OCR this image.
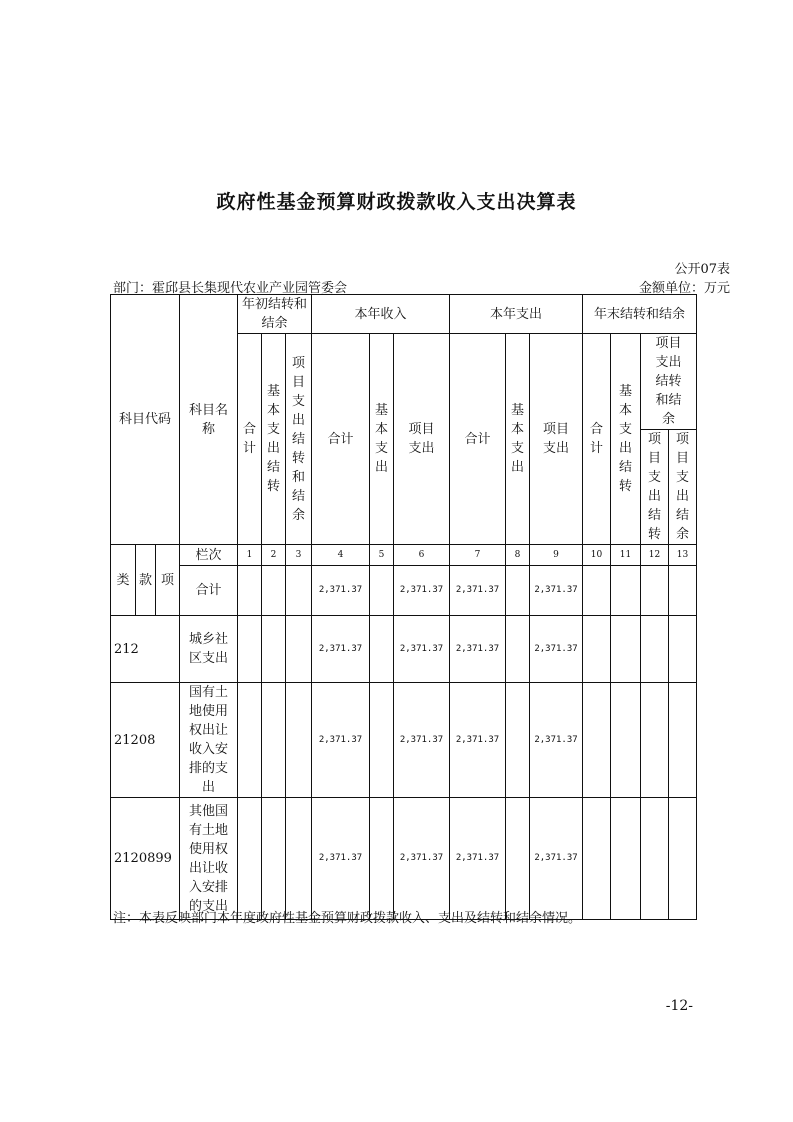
政府性基金预算财政拨款收入支出决算表
公开07表
部门：霍邱县长集现代农业产业园管委会	金额单位：万元
科目代码			科目名称	年初结转和结余			本年收入			本年支出			年末结转和结余			
				合计	基本支出结转	项目支出结转和结余	合计	基本支出	项目支出	合计	基本支出	项目支出	合计	基本支出结转	项目支出结转和结余	
															项目支出结转	项目支出结余
类	款	项	栏次	1	2	3	4	5	6	7	8	9	10	11	12	13
			合计				2,371.37		2,371.37	2,371.37		2,371.37				
212			城乡社区支出				2,371.37		2,371.37	2,371.37		2,371.37				
21208			国有土地使用权出让收入安排的支出				2,371.37		2,371.37	2,371.37		2,371.37				
2120899			其他国有土地使用权出让收入安排的支出				2,371.37		2,371.37	2,371.37		2,371.37				
注：本表反映部门本年度政府性基金预算财政拨款收入、支出及结转和结余情况。
-12-
